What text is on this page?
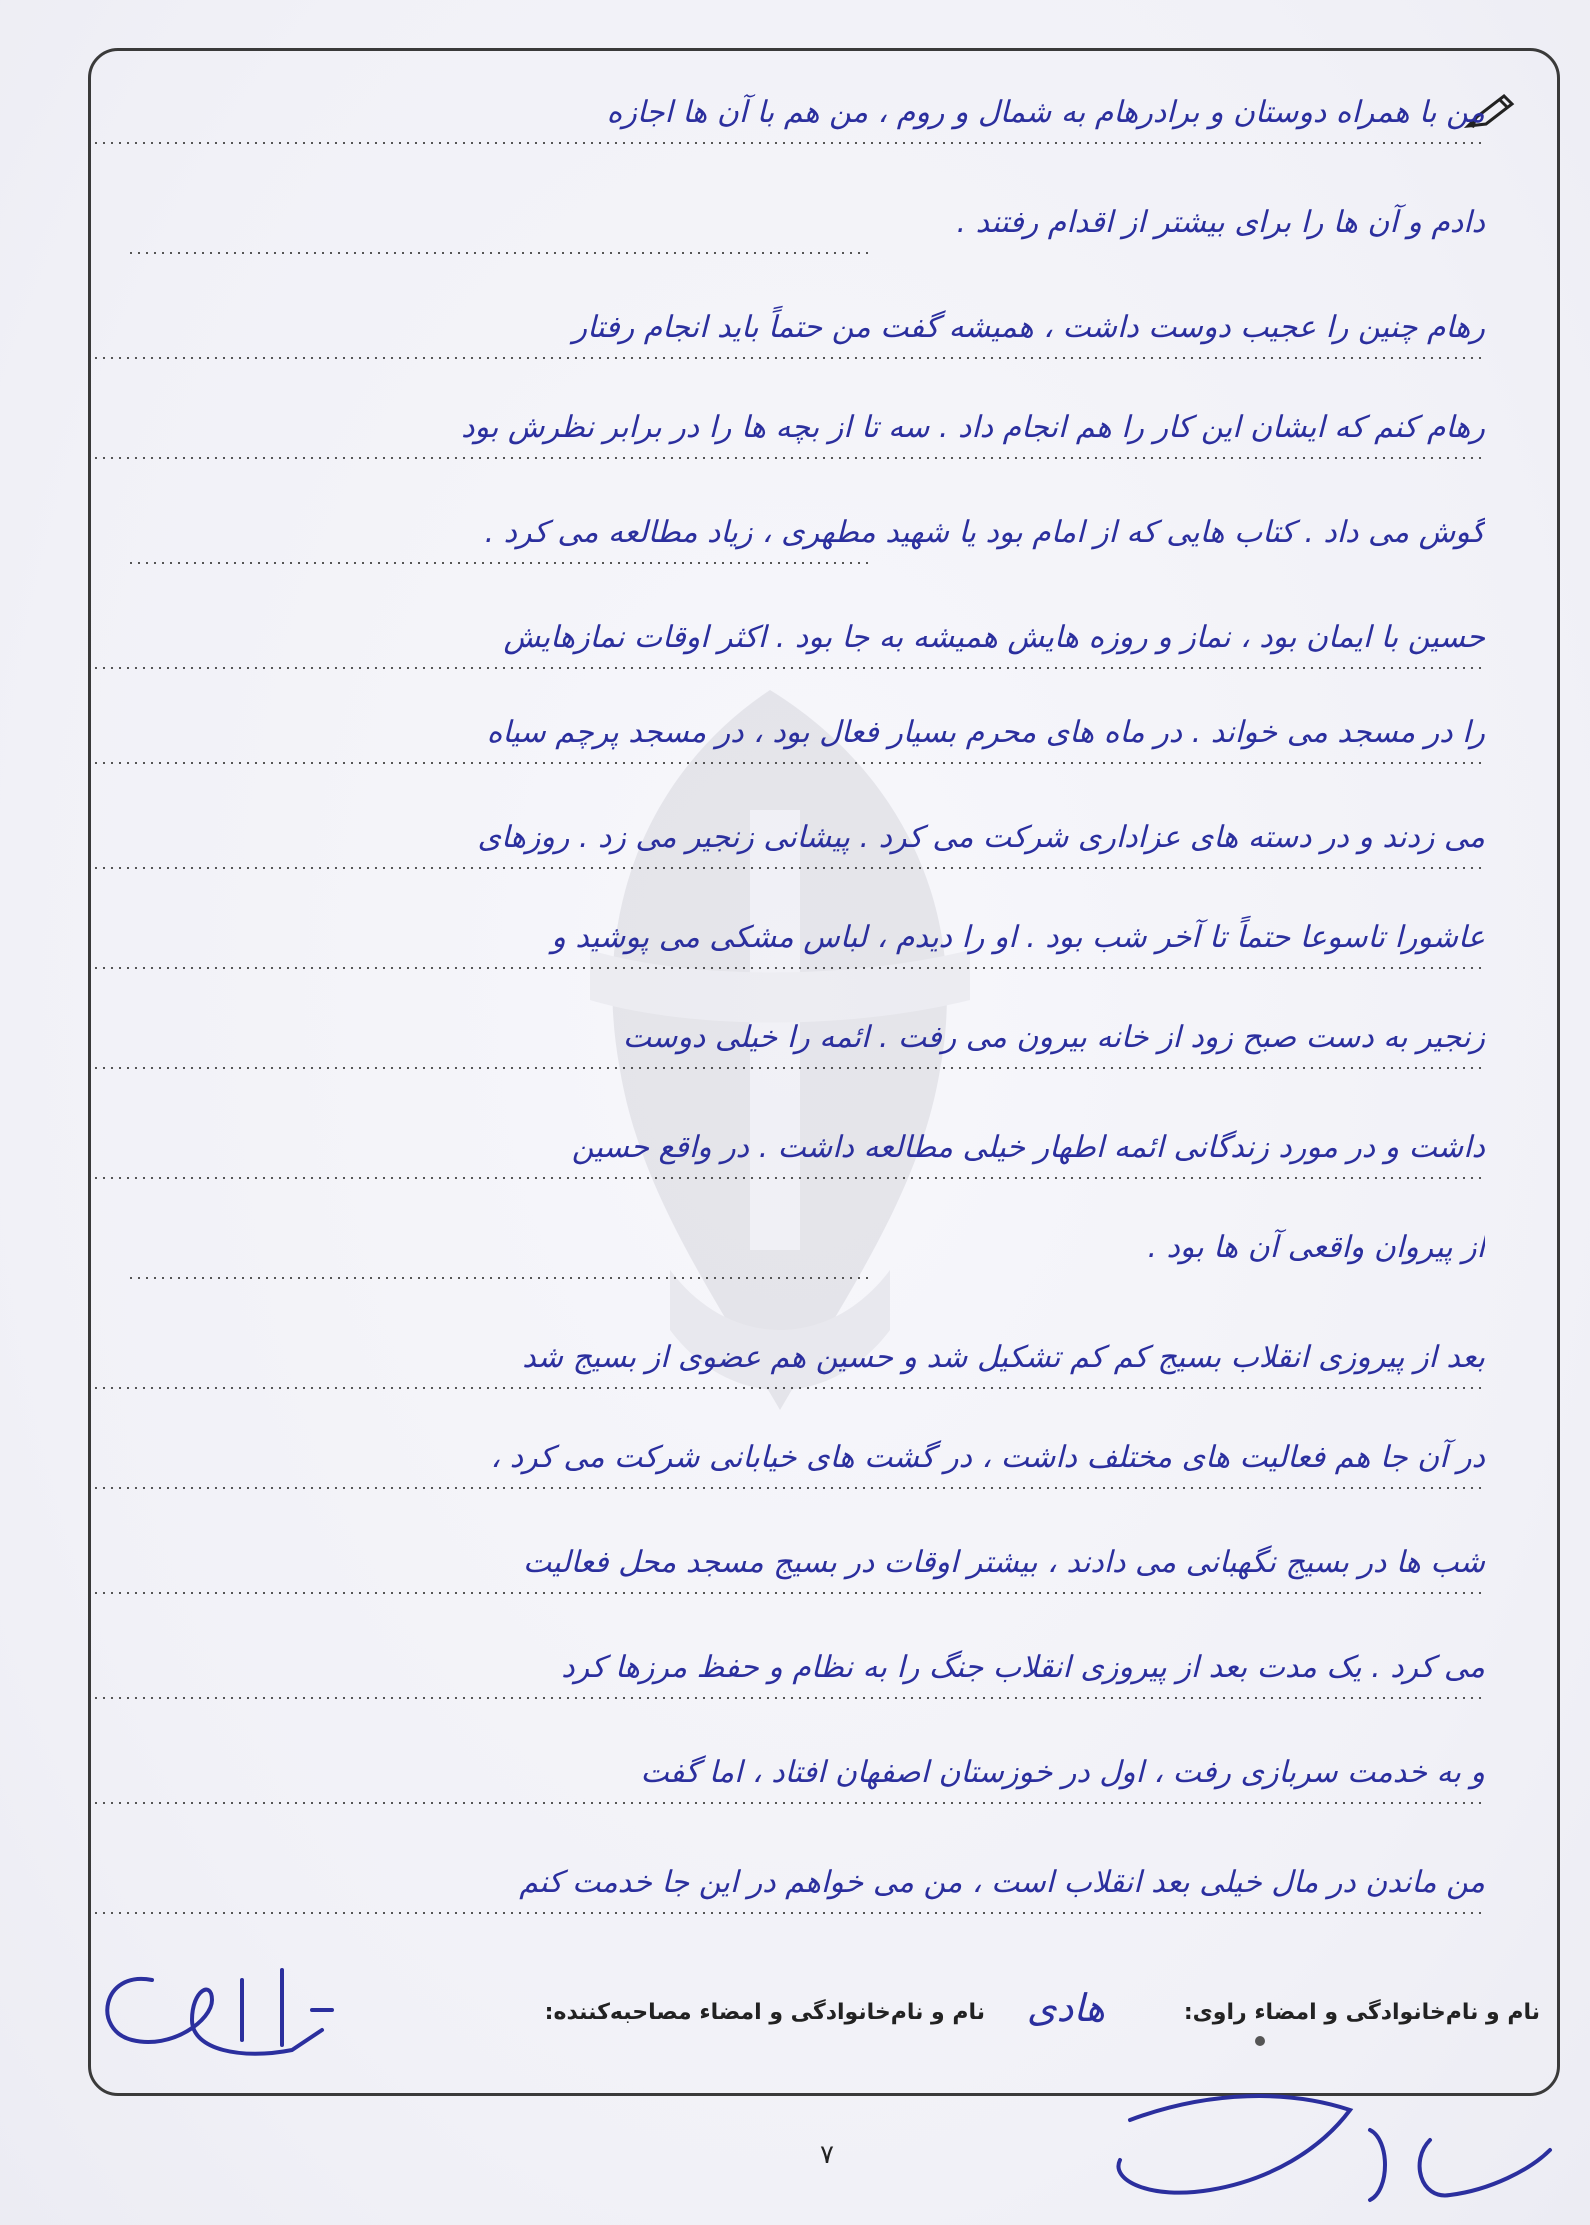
من با همراه دوستان و برادرهام به شمال و روم ، من هم با آن ها اجازه
دادم و آن ها را برای بیشتر از اقدام رفتند .
رهام چنین را عجیب دوست داشت ، همیشه گفت من حتماً باید انجام رفتار
رهام کنم که ایشان این کار را هم انجام داد . سه تا از بچه ها را در برابر نظرش بود
گوش می داد . کتاب هایی که از امام بود یا شهید مطهری ، زیاد مطالعه می کرد .
حسین با ایمان بود ، نماز و روزه هایش همیشه به جا بود . اکثر اوقات نمازهایش
را در مسجد می خواند . در ماه های محرم بسیار فعال بود ، در مسجد پرچم سیاه
می زدند و در دسته های عزاداری شرکت می کرد . پیشانی زنجیر می زد . روزهای
عاشورا تاسوعا حتماً تا آخر شب بود . او را دیدم ، لباس مشکی می پوشید و
زنجیر به دست صبح زود از خانه بیرون می رفت . ائمه را خیلی دوست
داشت و در مورد زندگانی ائمه اطهار خیلی مطالعه داشت . در واقع حسین
از پیروان واقعی آن ها بود .
بعد از پیروزی انقلاب بسیج کم کم تشکیل شد و حسین هم عضوی از بسیج شد
در آن جا هم فعالیت های مختلف داشت ، در گشت های خیابانی شرکت می کرد ،
شب ها در بسیج نگهبانی می دادند ، بیشتر اوقات در بسیج مسجد محل فعالیت
می کرد . یک مدت بعد از پیروزی انقلاب جنگ را به نظام و حفظ مرزها کرد
و به خدمت سربازی رفت ، اول در خوزستان اصفهان افتاد ، اما گفت
من ماندن در مال خیلی بعد انقلاب است ، من می خواهم در این جا خدمت کنم
نام و نام‌خانوادگی و امضاء راوی:
هادی
نام و نام‌خانوادگی و امضاء مصاحبه‌کننده:
۷
